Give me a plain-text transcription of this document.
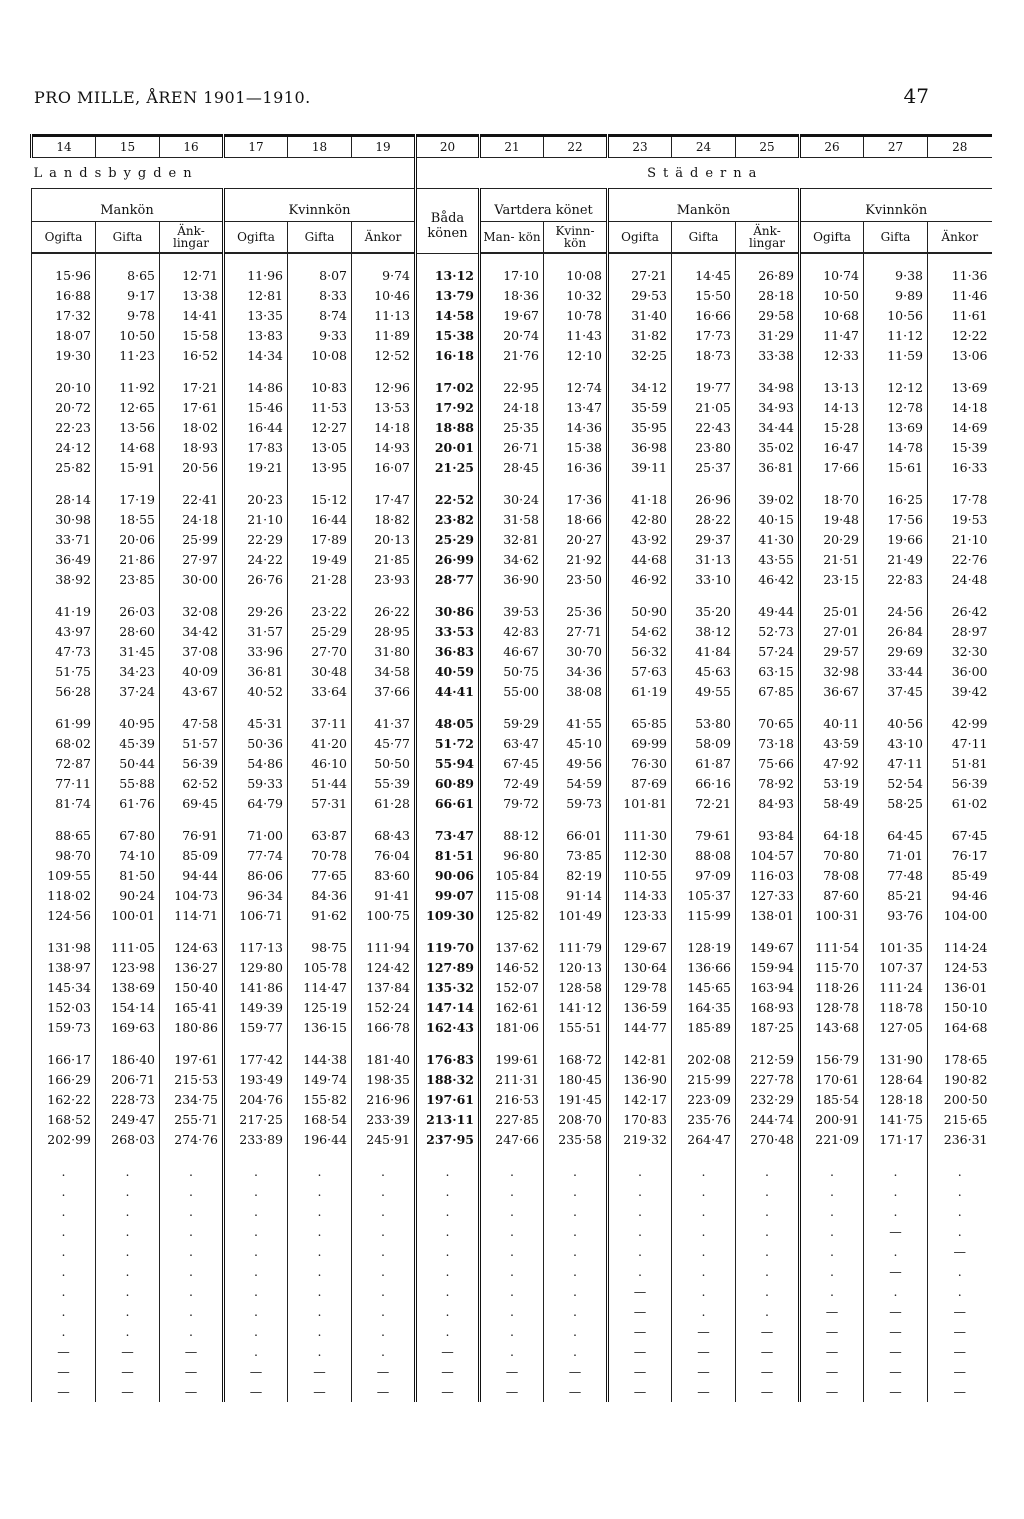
PRO MILLE, ÅREN 1901—1910.	47
14	15	16	17	18	19	20	21	22	23	24	25	26	27	28
Landsbygden						Städerna								
Mankön			Kvinnkön			Båda könen	Vartdera könet		Mankön			Kvinnkön		
Ogifta	Gifta	Änk- lingar	Ogifta	Gifta	Änkor		Man- kön	Kvinn- kön	Ogifta	Gifta	Änk- lingar	Ogifta	Gifta	Änkor

15·96	8·65	12·71	11·96	8·07	9·74	13·12	17·10	10·08	27·21	14·45	26·89	10·74	9·38	11·36
16·88	9·17	13·38	12·81	8·33	10·46	13·79	18·36	10·32	29·53	15·50	28·18	10·50	9·89	11·46
17·32	9·78	14·41	13·35	8·74	11·13	14·58	19·67	10·78	31·40	16·66	29·58	10·68	10·56	11·61
18·07	10·50	15·58	13·83	9·33	11·89	15·38	20·74	11·43	31·82	17·73	31·29	11·47	11·12	12·22
19·30	11·23	16·52	14·34	10·08	12·52	16·18	21·76	12·10	32·25	18·73	33·38	12·33	11·59	13·06

20·10	11·92	17·21	14·86	10·83	12·96	17·02	22·95	12·74	34·12	19·77	34·98	13·13	12·12	13·69
20·72	12·65	17·61	15·46	11·53	13·53	17·92	24·18	13·47	35·59	21·05	34·93	14·13	12·78	14·18
22·23	13·56	18·02	16·44	12·27	14·18	18·88	25·35	14·36	35·95	22·43	34·44	15·28	13·69	14·69
24·12	14·68	18·93	17·83	13·05	14·93	20·01	26·71	15·38	36·98	23·80	35·02	16·47	14·78	15·39
25·82	15·91	20·56	19·21	13·95	16·07	21·25	28·45	16·36	39·11	25·37	36·81	17·66	15·61	16·33

28·14	17·19	22·41	20·23	15·12	17·47	22·52	30·24	17·36	41·18	26·96	39·02	18·70	16·25	17·78
30·98	18·55	24·18	21·10	16·44	18·82	23·82	31·58	18·66	42·80	28·22	40·15	19·48	17·56	19·53
33·71	20·06	25·99	22·29	17·89	20·13	25·29	32·81	20·27	43·92	29·37	41·30	20·29	19·66	21·10
36·49	21·86	27·97	24·22	19·49	21·85	26·99	34·62	21·92	44·68	31·13	43·55	21·51	21·49	22·76
38·92	23·85	30·00	26·76	21·28	23·93	28·77	36·90	23·50	46·92	33·10	46·42	23·15	22·83	24·48

41·19	26·03	32·08	29·26	23·22	26·22	30·86	39·53	25·36	50·90	35·20	49·44	25·01	24·56	26·42
43·97	28·60	34·42	31·57	25·29	28·95	33·53	42·83	27·71	54·62	38·12	52·73	27·01	26·84	28·97
47·73	31·45	37·08	33·96	27·70	31·80	36·83	46·67	30·70	56·32	41·84	57·24	29·57	29·69	32·30
51·75	34·23	40·09	36·81	30·48	34·58	40·59	50·75	34·36	57·63	45·63	63·15	32·98	33·44	36·00
56·28	37·24	43·67	40·52	33·64	37·66	44·41	55·00	38·08	61·19	49·55	67·85	36·67	37·45	39·42

61·99	40·95	47·58	45·31	37·11	41·37	48·05	59·29	41·55	65·85	53·80	70·65	40·11	40·56	42·99
68·02	45·39	51·57	50·36	41·20	45·77	51·72	63·47	45·10	69·99	58·09	73·18	43·59	43·10	47·11
72·87	50·44	56·39	54·86	46·10	50·50	55·94	67·45	49·56	76·30	61·87	75·66	47·92	47·11	51·81
77·11	55·88	62·52	59·33	51·44	55·39	60·89	72·49	54·59	87·69	66·16	78·92	53·19	52·54	56·39
81·74	61·76	69·45	64·79	57·31	61·28	66·61	79·72	59·73	101·81	72·21	84·93	58·49	58·25	61·02

88·65	67·80	76·91	71·00	63·87	68·43	73·47	88·12	66·01	111·30	79·61	93·84	64·18	64·45	67·45
98·70	74·10	85·09	77·74	70·78	76·04	81·51	96·80	73·85	112·30	88·08	104·57	70·80	71·01	76·17
109·55	81·50	94·44	86·06	77·65	83·60	90·06	105·84	82·19	110·55	97·09	116·03	78·08	77·48	85·49
118·02	90·24	104·73	96·34	84·36	91·41	99·07	115·08	91·14	114·33	105·37	127·33	87·60	85·21	94·46
124·56	100·01	114·71	106·71	91·62	100·75	109·30	125·82	101·49	123·33	115·99	138·01	100·31	93·76	104·00

131·98	111·05	124·63	117·13	98·75	111·94	119·70	137·62	111·79	129·67	128·19	149·67	111·54	101·35	114·24
138·97	123·98	136·27	129·80	105·78	124·42	127·89	146·52	120·13	130·64	136·66	159·94	115·70	107·37	124·53
145·34	138·69	150·40	141·86	114·47	137·84	135·32	152·07	128·58	129·78	145·65	163·94	118·26	111·24	136·01
152·03	154·14	165·41	149·39	125·19	152·24	147·14	162·61	141·12	136·59	164·35	168·93	128·78	118·78	150·10
159·73	169·63	180·86	159·77	136·15	166·78	162·43	181·06	155·51	144·77	185·89	187·25	143·68	127·05	164·68

166·17	186·40	197·61	177·42	144·38	181·40	176·83	199·61	168·72	142·81	202·08	212·59	156·79	131·90	178·65
166·29	206·71	215·53	193·49	149·74	198·35	188·32	211·31	180·45	136·90	215·99	227·78	170·61	128·64	190·82
162·22	228·73	234·75	204·76	155·82	216·96	197·61	216·53	191·45	142·17	223·09	232·29	185·54	128·18	200·50
168·52	249·47	255·71	217·25	168·54	233·39	213·11	227·85	208·70	170·83	235·76	244·74	200·91	141·75	215·65
202·99	268·03	274·76	233·89	196·44	245·91	237·95	247·66	235·58	219·32	264·47	270·48	221·09	171·17	236·31

.	.	.	.	.	.	.	.	.	.	.	.	.	.	.
.	.	.	.	.	.	.	.	.	.	.	.	.	.	.
.	.	.	.	.	.	.	.	.	.	.	.	.	.	.
.	.	.	.	.	.	.	.	.	.	.	.	.	—	.
.	.	.	.	.	.	.	.	.	.	.	.	.	.	—
.	.	.	.	.	.	.	.	.	.	.	.	.	—	.
.	.	.	.	.	.	.	.	.	—	.	.	.	.	.
.	.	.	.	.	.	.	.	.	—	.	.	—	—	—
.	.	.	.	.	.	.	.	.	—	—	—	—	—	—
—	—	—	.	.	.	—	.	.	—	—	—	—	—	—
—	—	—	—	—	—	—	—	—	—	—	—	—	—	—
—	—	—	—	—	—	—	—	—	—	—	—	—	—	—
